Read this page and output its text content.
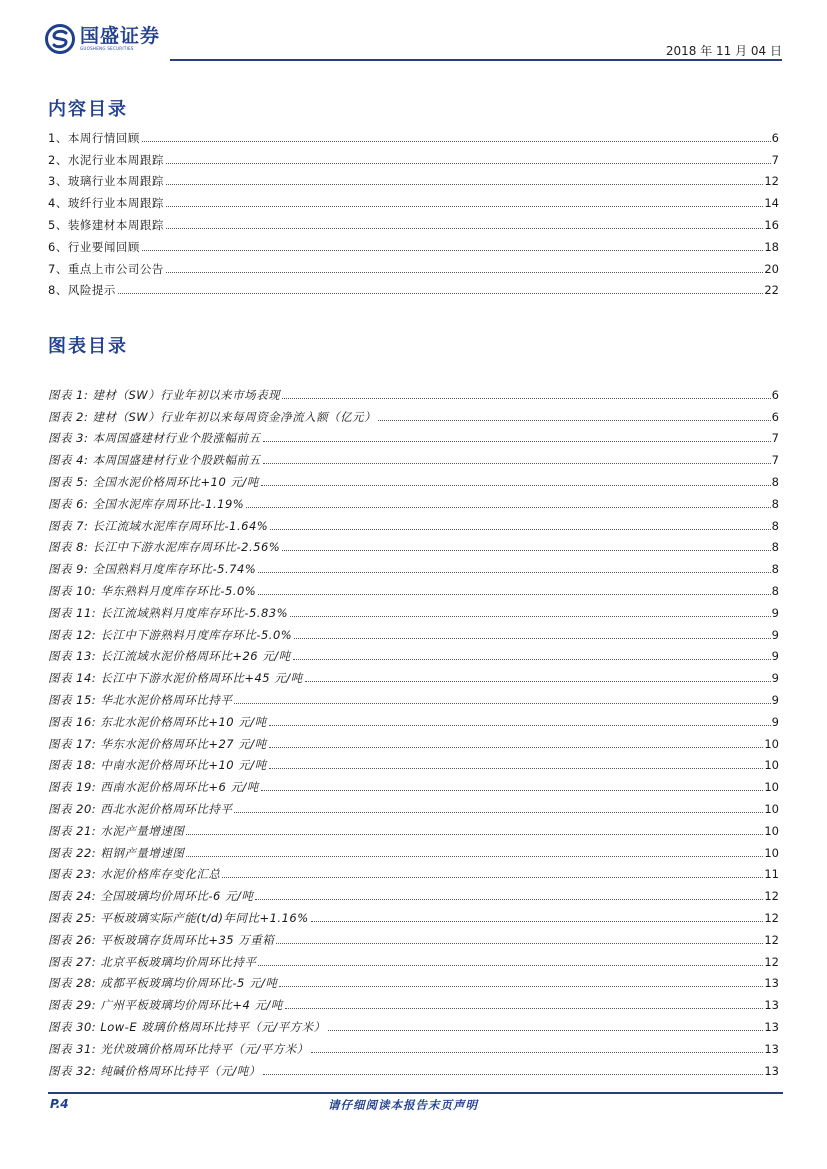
国盛证券
GUOSHENG SECURITIES	2018 年 11 月 04 日
内容目录
1、本周行情回顾	6
2、水泥行业本周跟踪	7
3、玻璃行业本周跟踪	12
4、玻纤行业本周跟踪	14
5、装修建材本周跟踪	16
6、行业要闻回顾	18
7、重点上市公司公告	20
8、风险提示	22
图表目录
图表 1: 建材（SW）行业年初以来市场表现	6
图表 2: 建材（SW）行业年初以来每周资金净流入额（亿元）	6
图表 3: 本周国盛建材行业个股涨幅前五	7
图表 4: 本周国盛建材行业个股跌幅前五	7
图表 5: 全国水泥价格周环比+10 元/吨	8
图表 6: 全国水泥库存周环比-1.19%	8
图表 7: 长江流域水泥库存周环比-1.64%	8
图表 8: 长江中下游水泥库存周环比-2.56%	8
图表 9: 全国熟料月度库存环比-5.74%	8
图表 10: 华东熟料月度库存环比-5.0%	8
图表 11: 长江流域熟料月度库存环比-5.83%	9
图表 12: 长江中下游熟料月度库存环比-5.0%	9
图表 13: 长江流域水泥价格周环比+26 元/吨	9
图表 14: 长江中下游水泥价格周环比+45 元/吨	9
图表 15: 华北水泥价格周环比持平	9
图表 16: 东北水泥价格周环比+10 元/吨	9
图表 17: 华东水泥价格周环比+27 元/吨	10
图表 18: 中南水泥价格周环比+10 元/吨	10
图表 19: 西南水泥价格周环比+6 元/吨	10
图表 20: 西北水泥价格周环比持平	10
图表 21: 水泥产量增速图	10
图表 22: 粗钢产量增速图	10
图表 23: 水泥价格库存变化汇总	11
图表 24: 全国玻璃均价周环比-6 元/吨	12
图表 25: 平板玻璃实际产能(t/d)年同比+1.16%	12
图表 26: 平板玻璃存货周环比+35 万重箱	12
图表 27: 北京平板玻璃均价周环比持平	12
图表 28: 成都平板玻璃均价周环比-5 元/吨	13
图表 29: 广州平板玻璃均价周环比+4 元/吨	13
图表 30: Low-E 玻璃价格周环比持平（元/平方米）	13
图表 31: 光伏玻璃价格周环比持平（元/平方米）	13
图表 32: 纯碱价格周环比持平（元/吨）	13
P.4	请仔细阅读本报告末页声明
